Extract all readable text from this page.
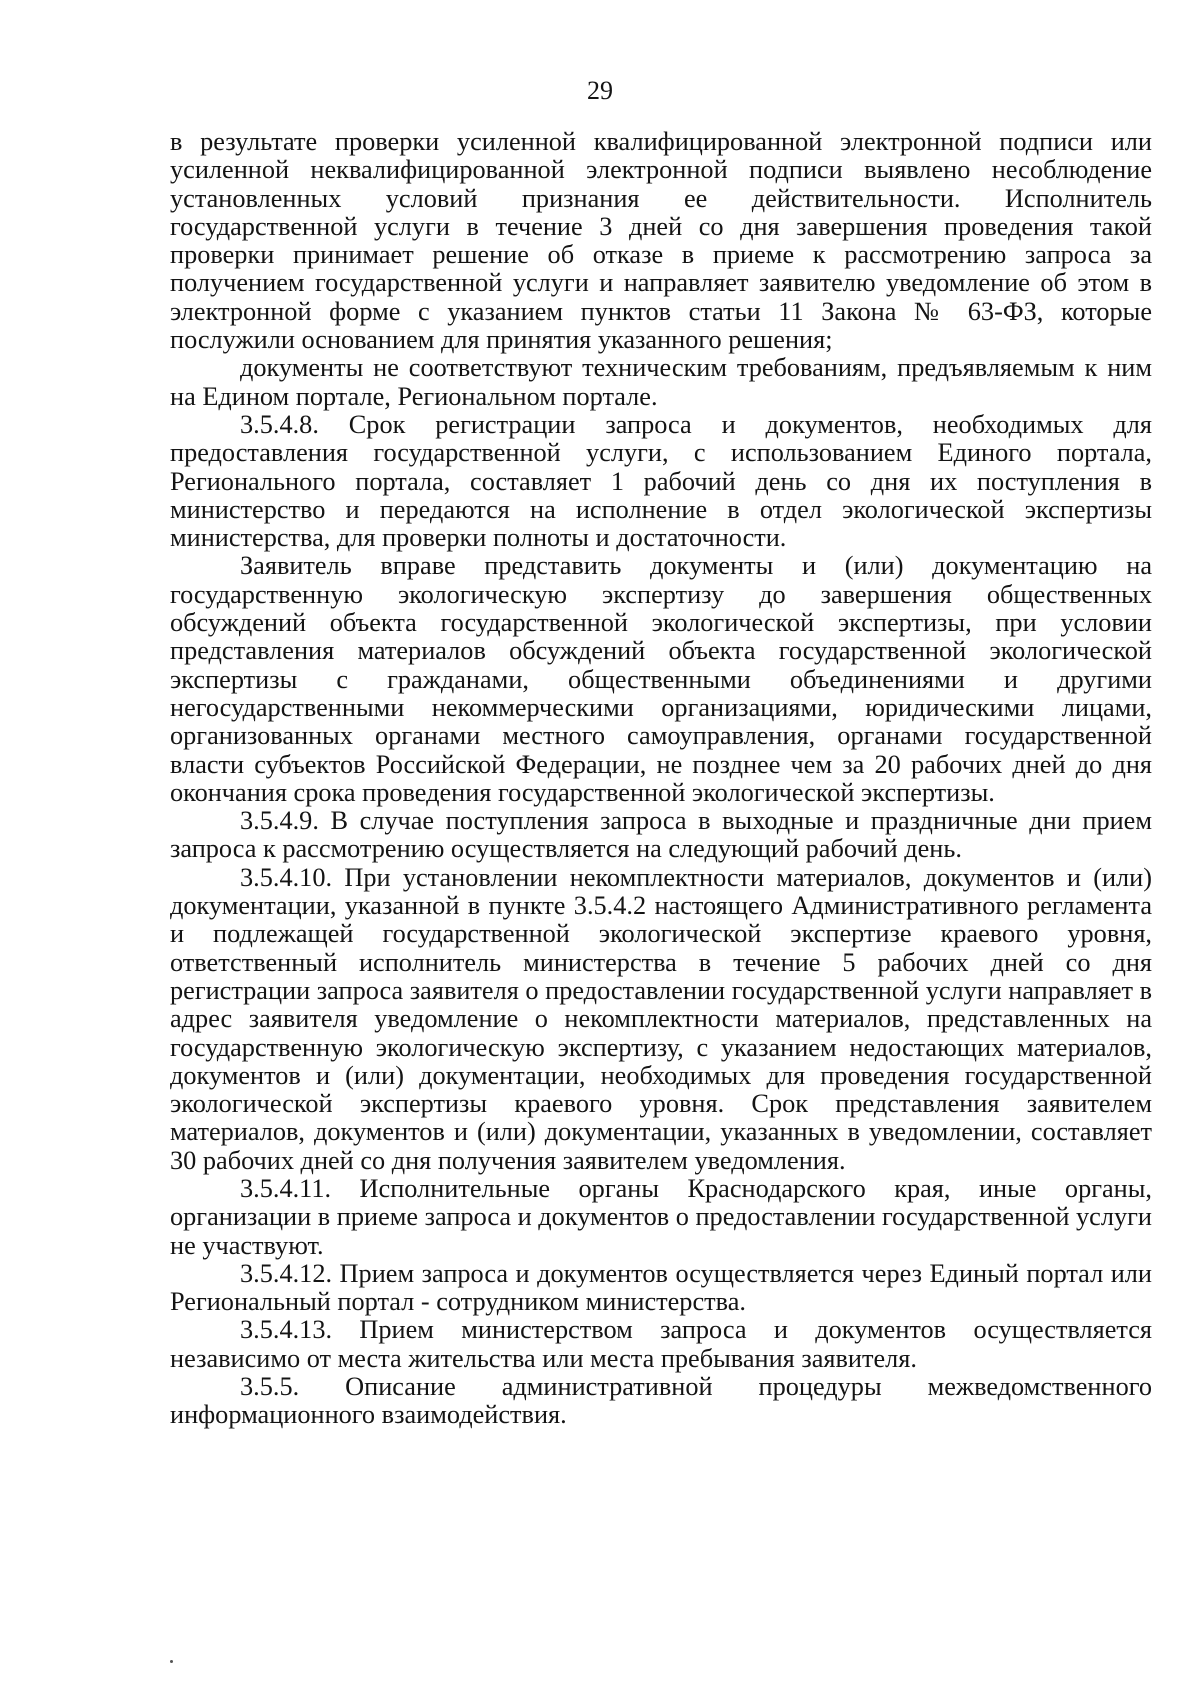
29

в результате проверки усиленной квалифицированной электронной подписи или усиленной неквалифицированной электронной подписи выявлено несоблюдение установленных условий признания ее действительности. Исполнитель государственной услуги в течение 3 дней со дня завершения проведения такой проверки принимает решение об отказе в приеме к рассмотрению запроса за получением государственной услуги и направляет заявителю уведомление об этом в электронной форме с указанием пунктов статьи 11 Закона № 63-ФЗ, которые послужили основанием для принятия указанного решения;

документы не соответствуют техническим требованиям, предъявляемым к ним на Едином портале, Региональном портале.

3.5.4.8. Срок регистрации запроса и документов, необходимых для предоставления государственной услуги, с использованием Единого портала, Регионального портала, составляет 1 рабочий день со дня их поступления в министерство и передаются на исполнение в отдел экологической экспертизы министерства, для проверки полноты и достаточности.

Заявитель вправе представить документы и (или) документацию на государственную экологическую экспертизу до завершения общественных обсуждений объекта государственной экологической экспертизы, при условии представления материалов обсуждений объекта государственной экологической экспертизы с гражданами, общественными объединениями и другими негосударственными некоммерческими организациями, юридическими лицами, организованных органами местного самоуправления, органами государственной власти субъектов Российской Федерации, не позднее чем за 20 рабочих дней до дня окончания срока проведения государственной экологической экспертизы.

3.5.4.9. В случае поступления запроса в выходные и праздничные дни прием запроса к рассмотрению осуществляется на следующий рабочий день.

3.5.4.10. При установлении некомплектности материалов, документов и (или) документации, указанной в пункте 3.5.4.2 настоящего Административного регламента и подлежащей государственной экологической экспертизе краевого уровня, ответственный исполнитель министерства в течение 5 рабочих дней со дня регистрации запроса заявителя о предоставлении государственной услуги направляет в адрес заявителя уведомление о некомплектности материалов, представленных на государственную экологическую экспертизу, с указанием недостающих материалов, документов и (или) документации, необходимых для проведения государственной экологической экспертизы краевого уровня. Срок представления заявителем материалов, документов и (или) документации, указанных в уведомлении, составляет 30 рабочих дней со дня получения заявителем уведомления.

3.5.4.11. Исполнительные органы Краснодарского края, иные органы, организации в приеме запроса и документов о предоставлении государственной услуги не участвуют.

3.5.4.12. Прием запроса и документов осуществляется через Единый портал или Региональный портал - сотрудником министерства.

3.5.4.13. Прием министерством запроса и документов осуществляется независимо от места жительства или места пребывания заявителя.

3.5.5. Описание административной процедуры межведомственного информационного взаимодействия.
